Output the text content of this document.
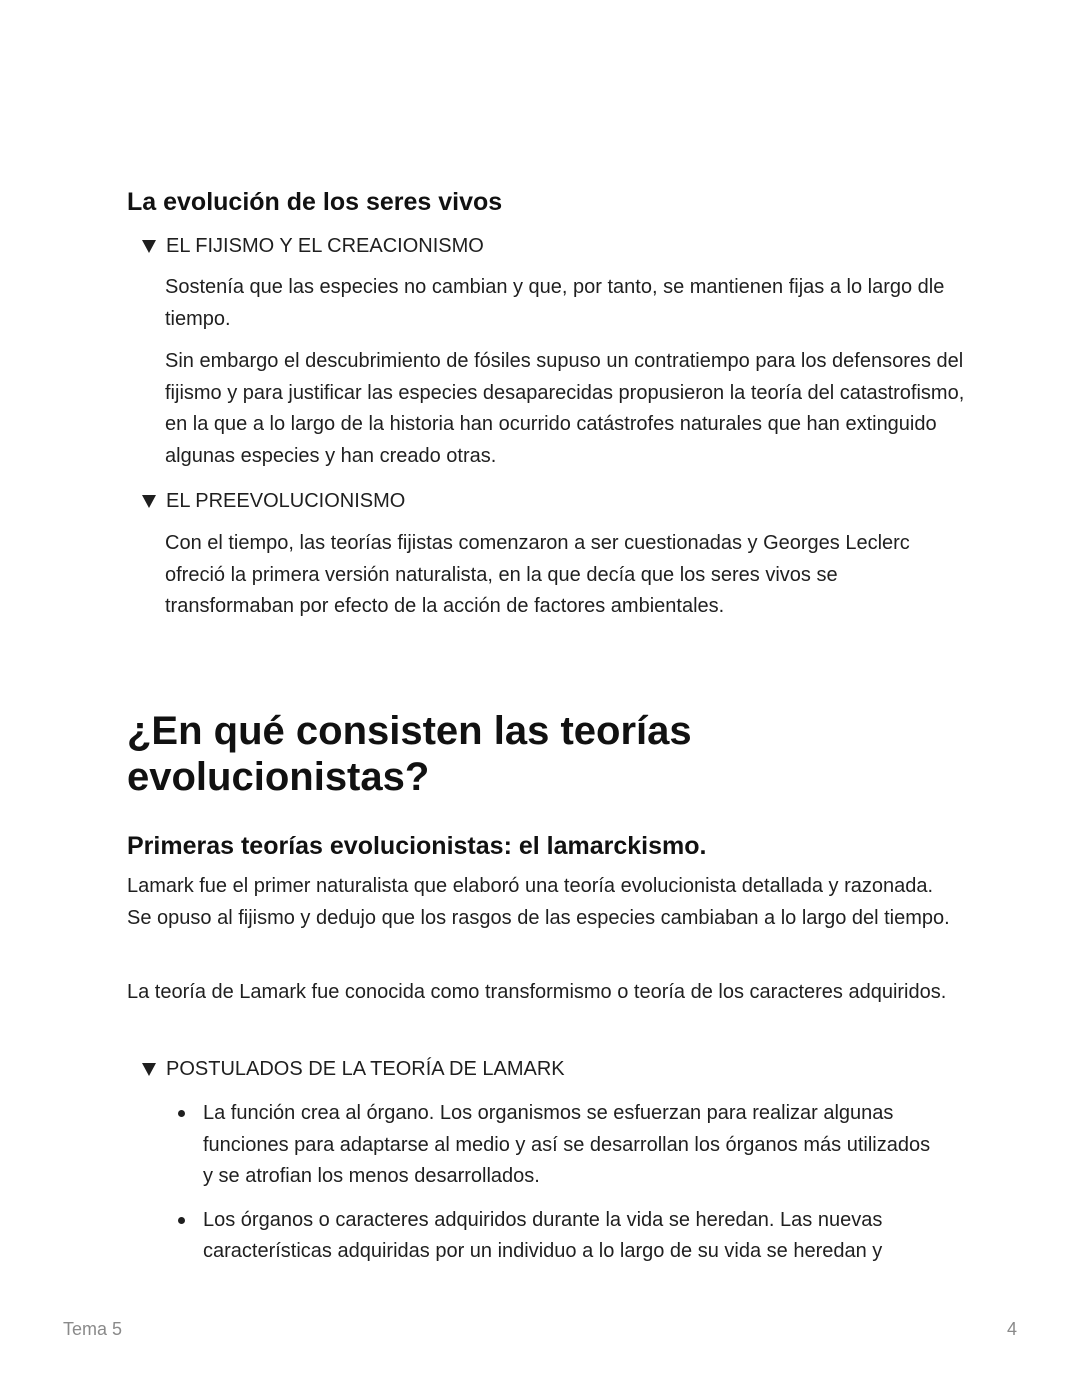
La evolución de los seres vivos
EL FIJISMO Y EL CREACIONISMO

Sostenía que las especies no cambian y que, por tanto, se mantienen fijas a lo largo dle tiempo.

Sin embargo el descubrimiento de fósiles supuso un contratiempo para los defensores del fijismo y para justificar las especies desaparecidas propusieron la teoría del catastrofismo, en la que a lo largo de la historia han ocurrido catástrofes naturales que han extinguido algunas especies y han creado otras.

EL PREEVOLUCIONISMO

Con el tiempo, las teorías fijistas comenzaron a ser cuestionadas y Georges Leclerc ofreció la primera versión naturalista, en la que decía que los seres vivos se transformaban por efecto de la acción de factores ambientales.

¿En qué consisten las teorías evolucionistas?
Primeras teorías evolucionistas: el lamarckismo.

Lamark fue el primer naturalista que elaboró una teoría evolucionista detallada y razonada. Se opuso al fijismo y dedujo que los rasgos de las especies cambiaban a lo largo del tiempo.

La teoría de Lamark fue conocida como transformismo o teoría de los caracteres adquiridos.

POSTULADOS DE LA TEORÍA DE LAMARK
La función crea al órgano. Los organismos se esfuerzan para realizar algunas funciones para adaptarse al medio y así se desarrollan los órganos más utilizados y se atrofian los menos desarrollados.
Los órganos o caracteres adquiridos durante la vida se heredan. Las nuevas características adquiridas por un individuo a lo largo de su vida se heredan y
Tema 5	4
